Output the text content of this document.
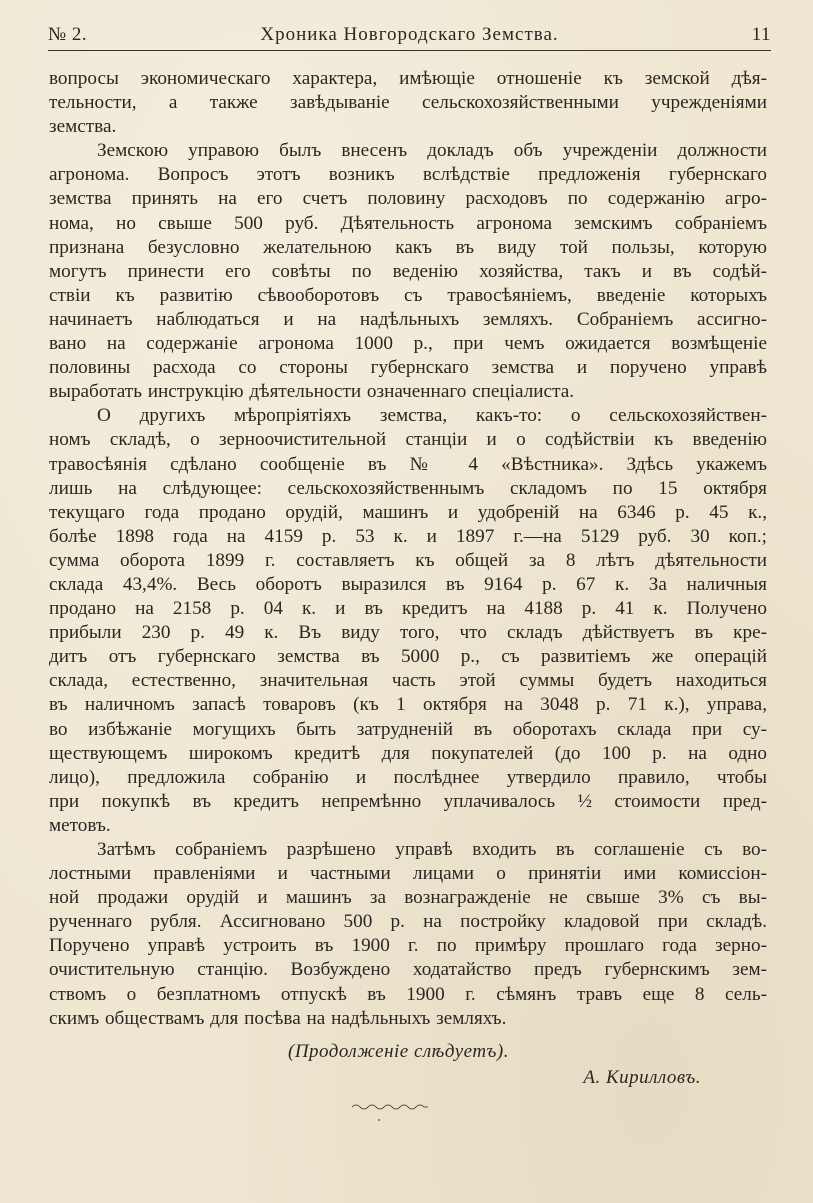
№ 2.	Хроника Новгородскаго Земства.	11
вопросы экономическаго характера, имѣющіе отношеніе къ земской дѣя-
тельности, а также завѣдываніе сельскохозяйственными учрежденіями
земства.
Земскою управою былъ внесенъ докладъ объ учрежденіи должности
агронома. Вопросъ этотъ возникъ вслѣдствіе предложенія губернскаго
земства принять на его счетъ половину расходовъ по содержанію агро-
нома, но свыше 500 руб. Дѣятельность агронома земскимъ собраніемъ
признана безусловно желательною какъ въ виду той пользы, которую
могутъ принести его совѣты по веденію хозяйства, такъ и въ содѣй-
ствіи къ развитію сѣвооборотовъ съ травосѣяніемъ, введеніе которыхъ
начинаетъ наблюдаться и на надѣльныхъ земляхъ. Собраніемъ ассигно-
вано на содержаніе агронома 1000 р., при чемъ ожидается возмѣщеніе
половины расхода со стороны губернскаго земства и поручено управѣ
выработать инструкцію дѣятельности означеннаго спеціалиста.
О другихъ мѣропріятіяхъ земства, какъ-то: о сельскохозяйствен-
номъ складѣ, о зерноочистительной станціи и о содѣйствіи къ введенію
травосѣянія сдѣлано сообщеніе въ № 4 «Вѣстника». Здѣсь укажемъ
лишь на слѣдующее: сельскохозяйственнымъ складомъ по 15 октября
текущаго года продано орудій, машинъ и удобреній на 6346 р. 45 к.,
болѣе 1898 года на 4159 р. 53 к. и 1897 г.—на 5129 руб. 30 коп.;
сумма оборота 1899 г. составляетъ къ общей за 8 лѣтъ дѣятельности
склада 43,4%. Весь оборотъ выразился въ 9164 р. 67 к. За наличныя
продано на 2158 р. 04 к. и въ кредитъ на 4188 р. 41 к. Получено
прибыли 230 р. 49 к. Въ виду того, что складъ дѣйствуетъ въ кре-
дитъ отъ губернскаго земства въ 5000 р., съ развитіемъ же операцій
склада, естественно, значительная часть этой суммы будетъ находиться
въ наличномъ запасѣ товаровъ (къ 1 октября на 3048 р. 71 к.), управа,
во избѣжаніе могущихъ быть затрудненій въ оборотахъ склада при су-
ществующемъ широкомъ кредитѣ для покупателей (до 100 р. на одно
лицо), предложила собранію и послѣднее утвердило правило, чтобы
при покупкѣ въ кредитъ непремѣнно уплачивалось ½ стоимости пред-
метовъ.
Затѣмъ собраніемъ разрѣшено управѣ входить въ соглашеніе съ во-
лостными правленіями и частными лицами о принятіи ими комиссіон-
ной продажи орудій и машинъ за вознагражденіе не свыше 3% съ вы-
рученнаго рубля. Ассигновано 500 р. на постройку кладовой при складѣ.
Поручено управѣ устроить въ 1900 г. по примѣру прошлаго года зерно-
очистительную станцію. Возбуждено ходатайство предъ губернскимъ зем-
ствомъ о безплатномъ отпускѣ въ 1900 г. сѣмянъ травъ еще 8 сель-
скимъ обществамъ для посѣва на надѣльныхъ земляхъ.
(Продолженіе слѣдуетъ).
А. Кирилловъ.
